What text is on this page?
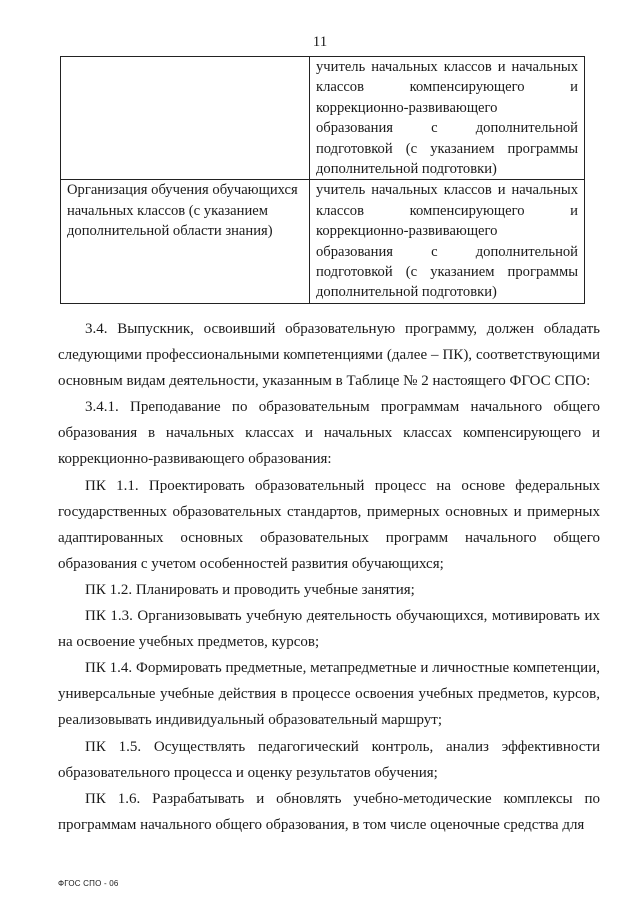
11
	учитель начальных классов и начальных классов компенсирующего и коррекционно-развивающего образования с дополнительной подготовкой (с указанием программы дополнительной подготовки)
Организация обучения обучающихся начальных классов (с указанием дополнительной области знания)	учитель начальных классов и начальных классов компенсирующего и коррекционно-развивающего образования с дополнительной подготовкой (с указанием программы дополнительной подготовки)

3.4. Выпускник, освоивший образовательную программу, должен обладать следующими профессиональными компетенциями (далее – ПК), соответствующими основным видам деятельности, указанным в Таблице № 2 настоящего ФГОС СПО:

3.4.1. Преподавание по образовательным программам начального общего образования в начальных классах и начальных классах компенсирующего и коррекционно-развивающего образования:

ПК 1.1. Проектировать образовательный процесс на основе федеральных государственных образовательных стандартов, примерных основных и примерных адаптированных основных образовательных программ начального общего образования с учетом особенностей развития обучающихся;

ПК 1.2. Планировать и проводить учебные занятия;

ПК 1.3. Организовывать учебную деятельность обучающихся, мотивировать их на освоение учебных предметов, курсов;

ПК 1.4. Формировать предметные, метапредметные и личностные компетенции, универсальные учебные действия в процессе освоения учебных предметов, курсов, реализовывать индивидуальный образовательный маршрут;

ПК 1.5. Осуществлять педагогический контроль, анализ эффективности образовательного процесса и оценку результатов обучения;

ПК 1.6. Разрабатывать и обновлять учебно-методические комплексы по программам начального общего образования, в том числе оценочные средства для

ФГОС СПО - 06
